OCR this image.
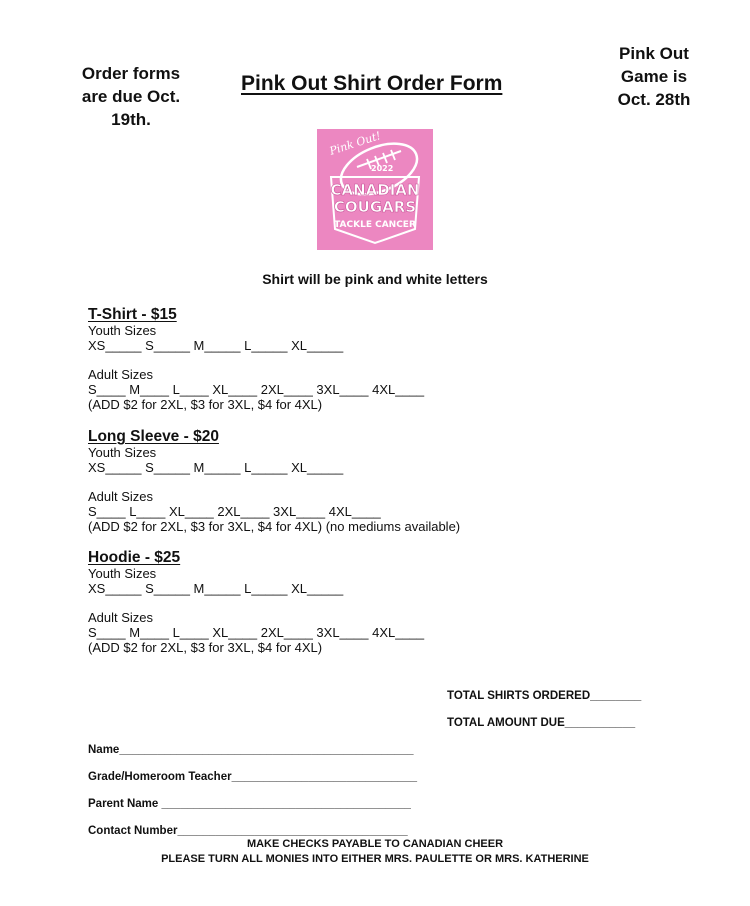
Order forms
are due Oct.
19th.
Pink Out Shirt Order Form
Pink Out
Game is
Oct. 28th
Pink Out!
2022
CANADIAN
COUGARS
TACKLE CANCER
Shirt will be pink and white letters
T-Shirt - $15
Youth Sizes
XS_____ S_____ M_____ L_____ XL_____
Adult Sizes
S____ M____ L____ XL____ 2XL____ 3XL____ 4XL____
(ADD $2 for 2XL, $3 for 3XL, $4 for 4XL)
Long Sleeve - $20
Youth Sizes
XS_____ S_____ M_____ L_____ XL_____
Adult Sizes
S____ L____ XL____ 2XL____ 3XL____ 4XL____
(ADD $2 for 2XL, $3 for 3XL, $4 for 4XL) (no mediums available)
Hoodie - $25
Youth Sizes
XS_____ S_____ M_____ L_____ XL_____
Adult Sizes
S____ M____ L____ XL____ 2XL____ 3XL____ 4XL____
(ADD $2 for 2XL, $3 for 3XL, $4 for 4XL)
TOTAL SHIRTS ORDERED________
TOTAL AMOUNT DUE___________
Name______________________________________________
Grade/Homeroom Teacher_____________________________
Parent Name _______________________________________
Contact Number____________________________________
MAKE CHECKS PAYABLE TO CANADIAN CHEER
PLEASE TURN ALL MONIES INTO EITHER MRS. PAULETTE OR MRS. KATHERINE
